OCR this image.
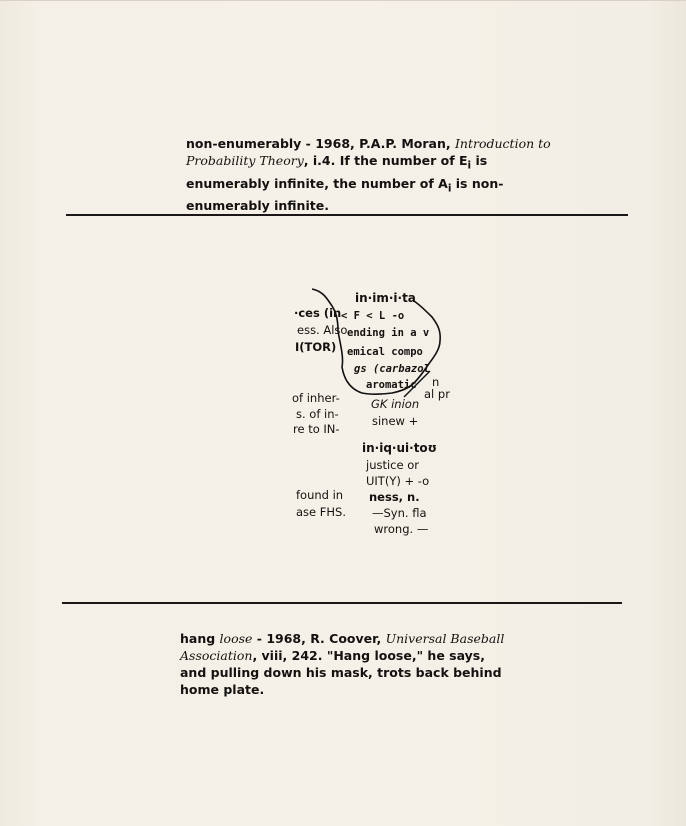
non-enumerably - 1968, P.A.P. Moran, Introduction to Probability Theory, i.4. If the number of $E_i$ is enumerably infinite, the number of $A_i$ is non-enumerably infinite.
in·im·i·ta
·ces (in
ess. Also
I(TOR)
< F < L -o
ending in a v
emical compo
gs (carbazol
aromatic n
al pr
of inher-
s. of in-
re to IN-
GK inion
sinew +
in·iq·ui·toʊ
justice or
UIT(Y) + -o
ness, n.
—Syn. fla
wrong. —
found in
ase FHS.
hang loose - 1968, R. Coover, Universal Baseball Association, viii, 242. "Hang loose," he says, and pulling down his mask, trots back behind home plate.
